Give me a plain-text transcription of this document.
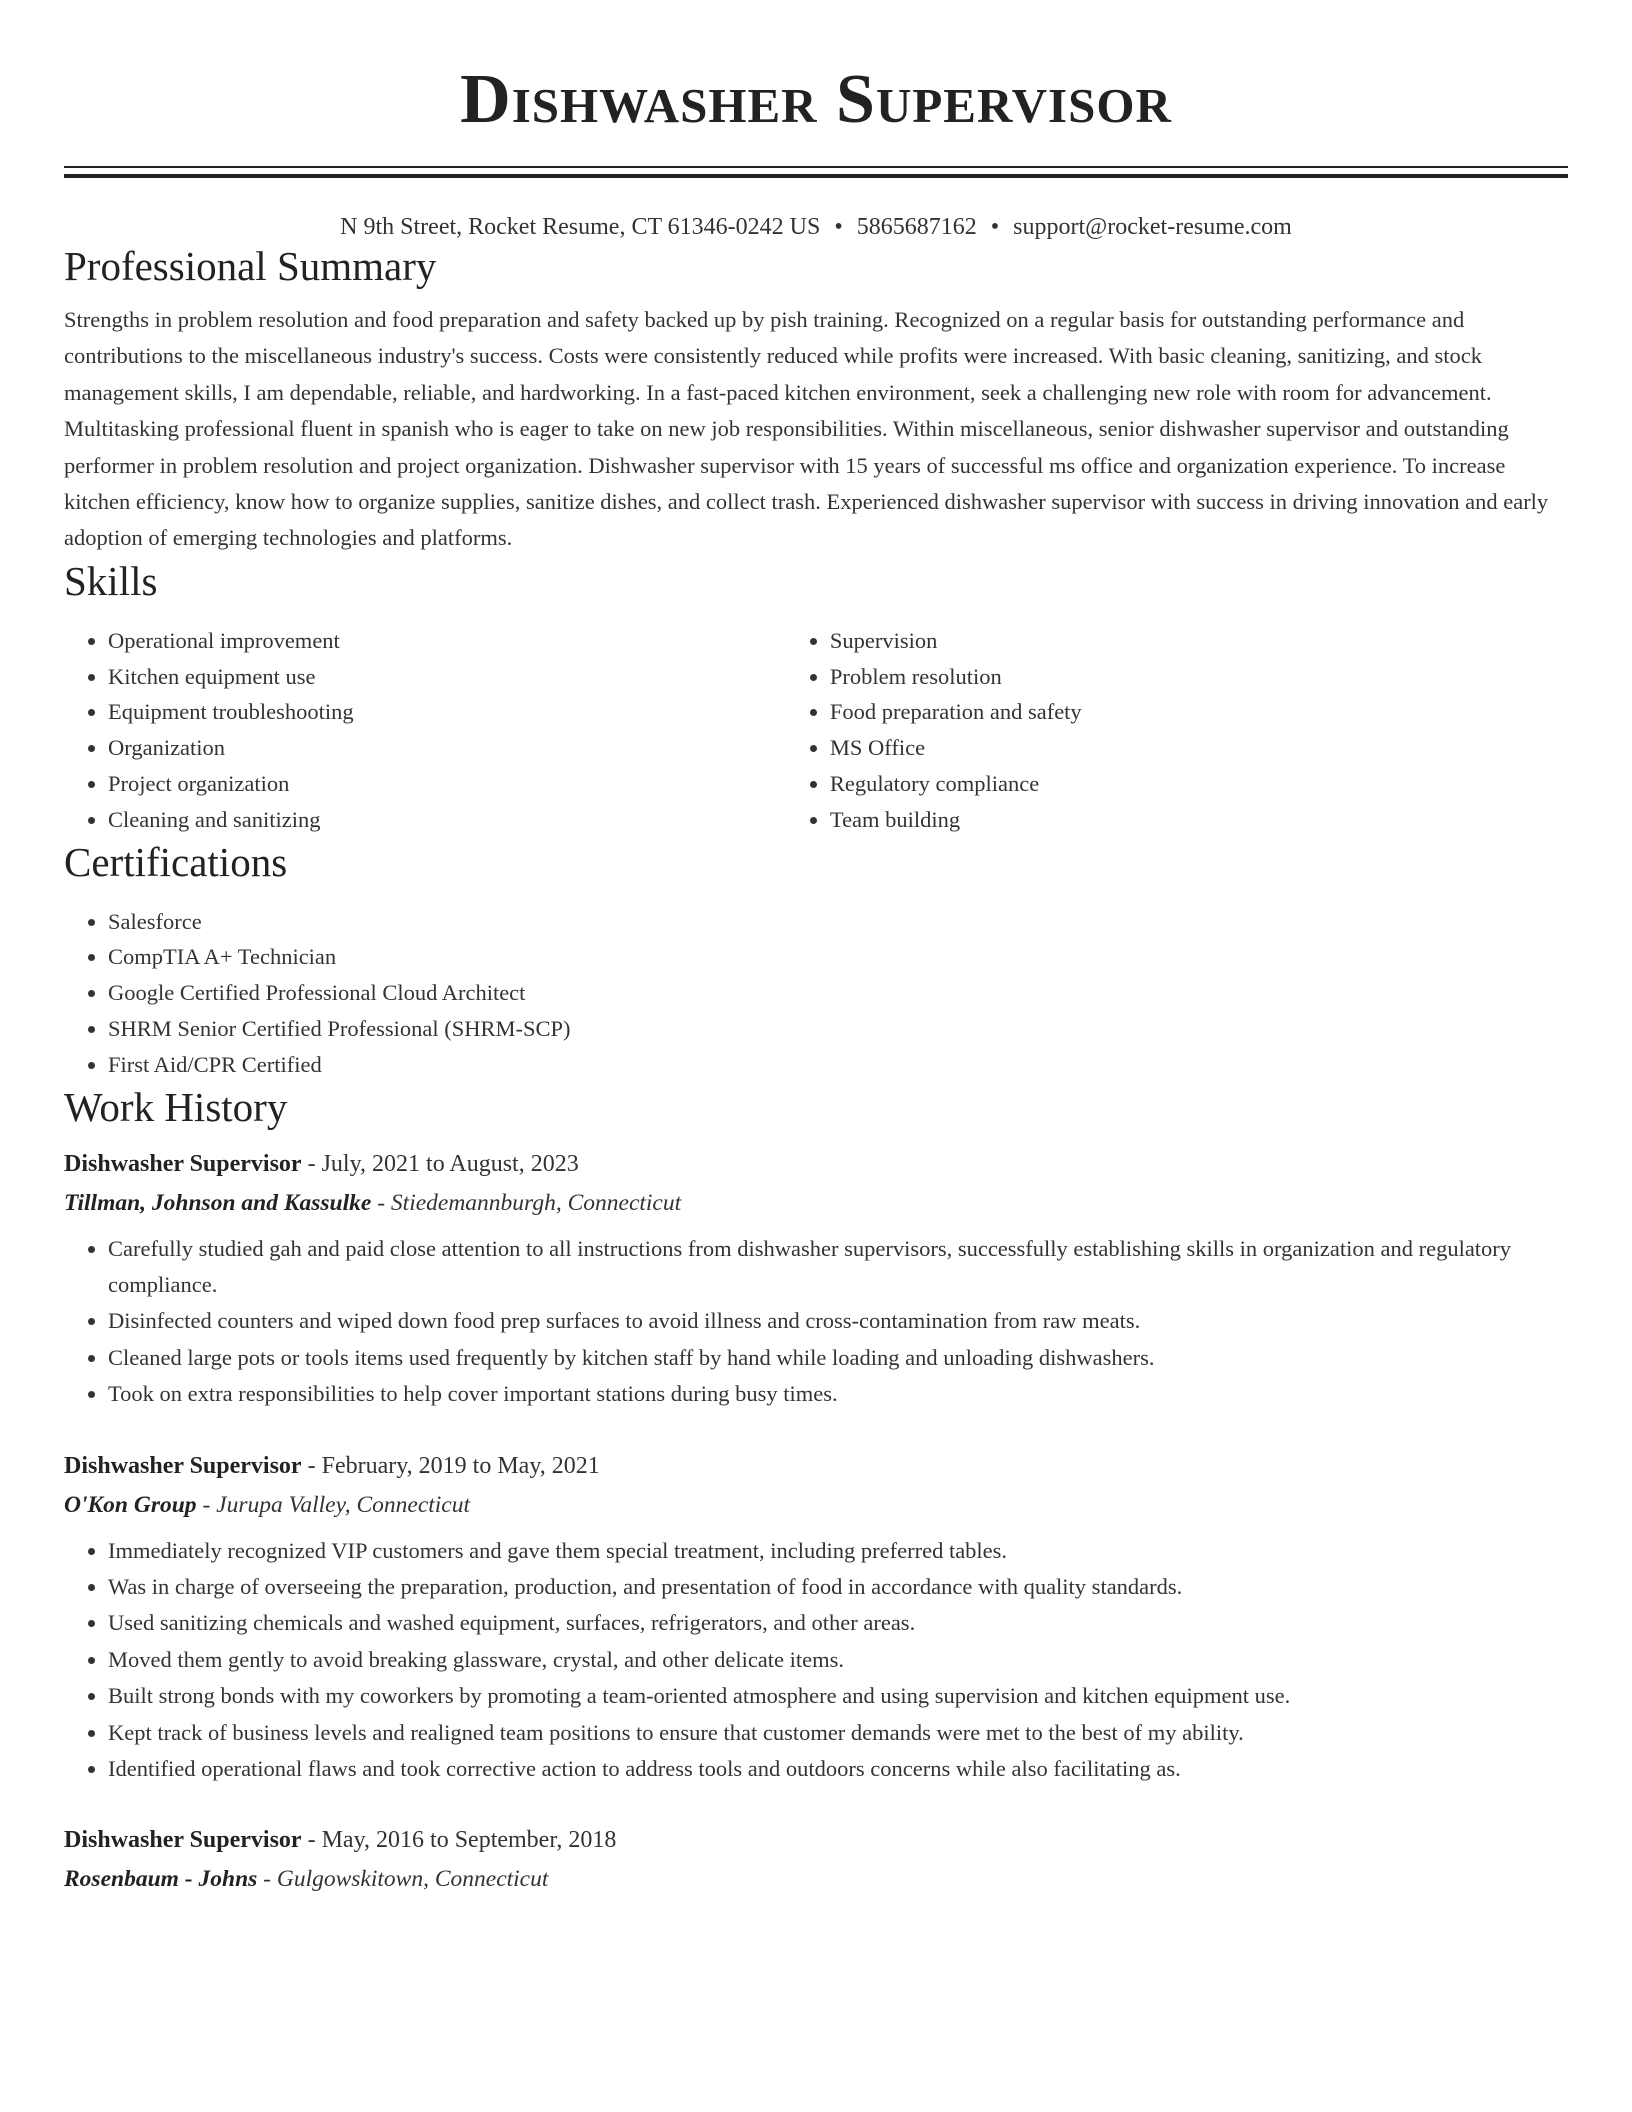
Dishwasher Supervisor
N 9th Street, Rocket Resume, CT 61346-0242 US • 5865687162 • support@rocket-resume.com
Professional Summary

Strengths in problem resolution and food preparation and safety backed up by pish training. Recognized on a regular basis for outstanding performance and contributions to the miscellaneous industry's success. Costs were consistently reduced while profits were increased. With basic cleaning, sanitizing, and stock management skills, I am dependable, reliable, and hardworking. In a fast-paced kitchen environment, seek a challenging new role with room for advancement. Multitasking professional fluent in spanish who is eager to take on new job responsibilities. Within miscellaneous, senior dishwasher supervisor and outstanding performer in problem resolution and project organization. Dishwasher supervisor with 15 years of successful ms office and organization experience. To increase kitchen efficiency, know how to organize supplies, sanitize dishes, and collect trash. Experienced dishwasher supervisor with success in driving innovation and early adoption of emerging technologies and platforms.

Skills
• Operational improvement
• Kitchen equipment use
• Equipment troubleshooting
• Organization
• Project organization
• Cleaning and sanitizing
• Supervision
• Problem resolution
• Food preparation and safety
• MS Office
• Regulatory compliance
• Team building
Certifications
• Salesforce
• CompTIA A+ Technician
• Google Certified Professional Cloud Architect
• SHRM Senior Certified Professional (SHRM-SCP)
• First Aid/CPR Certified
Work History
Dishwasher Supervisor - July, 2021 to August, 2023
Tillman, Johnson and Kassulke - Stiedemannburgh, Connecticut
• Carefully studied gah and paid close attention to all instructions from dishwasher supervisors, successfully establishing skills in organization and regulatory compliance.
• Disinfected counters and wiped down food prep surfaces to avoid illness and cross-contamination from raw meats.
• Cleaned large pots or tools items used frequently by kitchen staff by hand while loading and unloading dishwashers.
• Took on extra responsibilities to help cover important stations during busy times.
Dishwasher Supervisor - February, 2019 to May, 2021
O'Kon Group - Jurupa Valley, Connecticut
• Immediately recognized VIP customers and gave them special treatment, including preferred tables.
• Was in charge of overseeing the preparation, production, and presentation of food in accordance with quality standards.
• Used sanitizing chemicals and washed equipment, surfaces, refrigerators, and other areas.
• Moved them gently to avoid breaking glassware, crystal, and other delicate items.
• Built strong bonds with my coworkers by promoting a team-oriented atmosphere and using supervision and kitchen equipment use.
• Kept track of business levels and realigned team positions to ensure that customer demands were met to the best of my ability.
• Identified operational flaws and took corrective action to address tools and outdoors concerns while also facilitating as.
Dishwasher Supervisor - May, 2016 to September, 2018
Rosenbaum - Johns - Gulgowskitown, Connecticut
